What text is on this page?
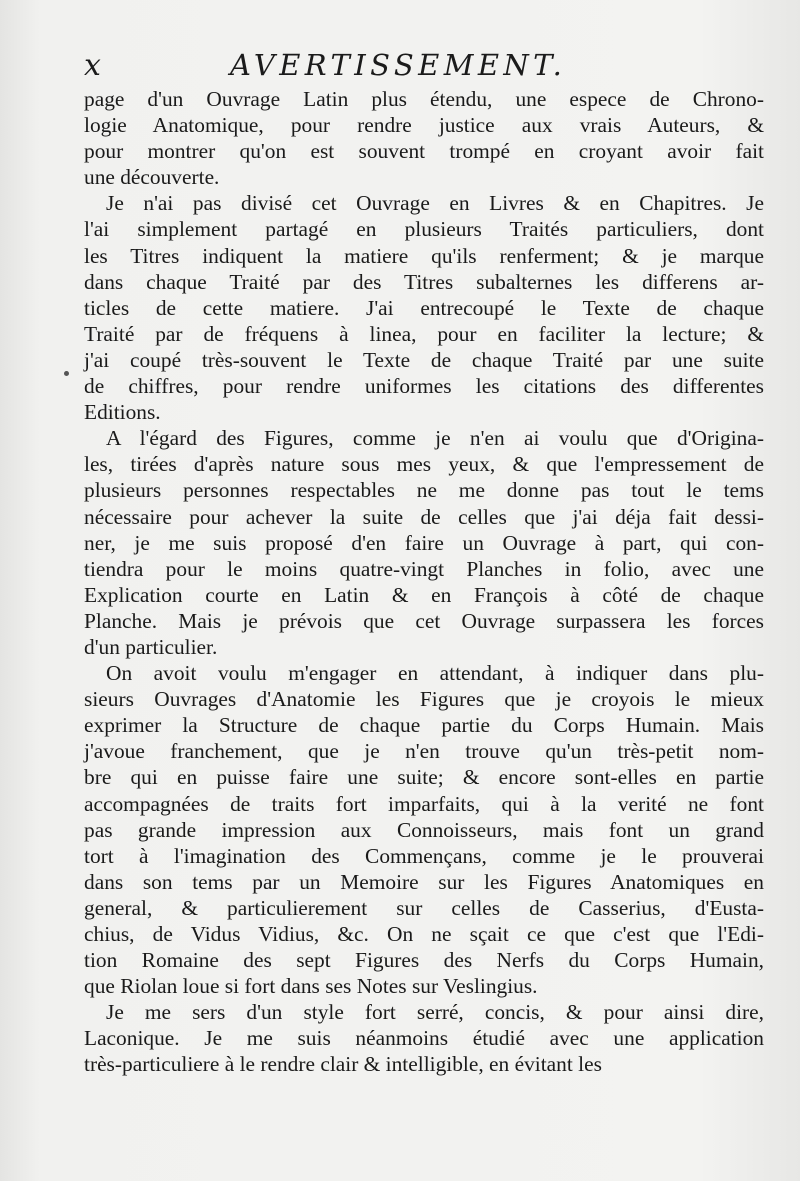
x	AVERTISSEMENT.

page d'un Ouvrage Latin plus étendu, une espece de Chrono-
logie Anatomique, pour rendre justice aux vrais Auteurs, &
pour montrer qu'on est souvent trompé en croyant avoir fait
une découverte.

Je n'ai pas divisé cet Ouvrage en Livres & en Chapitres. Je
l'ai simplement partagé en plusieurs Traités particuliers, dont
les Titres indiquent la matiere qu'ils renferment; & je marque
dans chaque Traité par des Titres subalternes les differens ar-
ticles de cette matiere. J'ai entrecoupé le Texte de chaque
Traité par de fréquens à linea, pour en faciliter la lecture; &
j'ai coupé très-souvent le Texte de chaque Traité par une suite
de chiffres, pour rendre uniformes les citations des differentes
Editions.

A l'égard des Figures, comme je n'en ai voulu que d'Origina-
les, tirées d'après nature sous mes yeux, & que l'empressement de
plusieurs personnes respectables ne me donne pas tout le tems
nécessaire pour achever la suite de celles que j'ai déja fait dessi-
ner, je me suis proposé d'en faire un Ouvrage à part, qui con-
tiendra pour le moins quatre-vingt Planches in folio, avec une
Explication courte en Latin & en François à côté de chaque
Planche. Mais je prévois que cet Ouvrage surpassera les forces
d'un particulier.

On avoit voulu m'engager en attendant, à indiquer dans plu-
sieurs Ouvrages d'Anatomie les Figures que je croyois le mieux
exprimer la Structure de chaque partie du Corps Humain. Mais
j'avoue franchement, que je n'en trouve qu'un très-petit nom-
bre qui en puisse faire une suite; & encore sont-elles en partie
accompagnées de traits fort imparfaits, qui à la verité ne font
pas grande impression aux Connoisseurs, mais font un grand
tort à l'imagination des Commençans, comme je le prouverai
dans son tems par un Memoire sur les Figures Anatomiques en
general, & particulierement sur celles de Casserius, d'Eusta-
chius, de Vidus Vidius, &c. On ne sçait ce que c'est que l'Edi-
tion Romaine des sept Figures des Nerfs du Corps Humain,
que Riolan loue si fort dans ses Notes sur Veslingius.

Je me sers d'un style fort serré, concis, & pour ainsi dire,
Laconique. Je me suis néanmoins étudié avec une application
très-particuliere à le rendre clair & intelligible, en évitant les
